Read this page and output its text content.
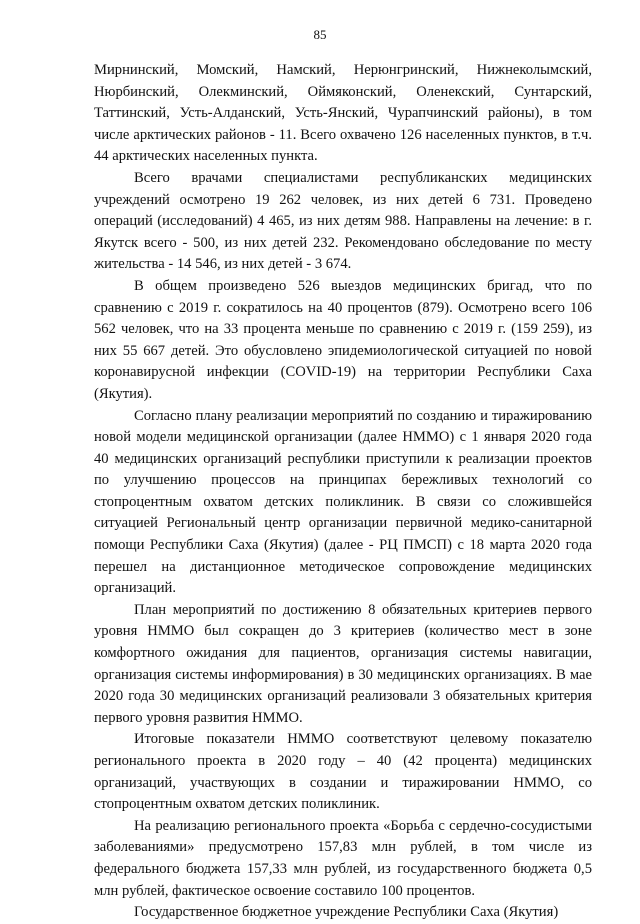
85

Мирнинский, Момский, Намский, Нерюнгринский, Нижнеколымский, Нюрбинский, Олекминский, Оймяконский, Оленекский, Сунтарский, Таттинский, Усть-Алданский, Усть-Янский, Чурапчинский районы), в том числе арктических районов - 11. Всего охвачено 126 населенных пунктов, в т.ч. 44 арктических населенных пункта.

Всего врачами специалистами республиканских медицинских учреждений осмотрено 19 262 человек, из них детей 6 731. Проведено операций (исследований) 4 465, из них детям 988. Направлены на лечение: в г. Якутск всего - 500, из них детей 232. Рекомендовано обследование по месту жительства - 14 546, из них детей - 3 674.

В общем произведено 526 выездов медицинских бригад, что по сравнению с 2019 г. сократилось на 40 процентов (879). Осмотрено всего 106 562 человек, что на 33 процента меньше по сравнению с 2019 г. (159 259), из них 55 667 детей. Это обусловлено эпидемиологической ситуацией по новой коронавирусной инфекции (COVID-19) на территории Республики Саха (Якутия).

Согласно плану реализации мероприятий по созданию и тиражированию новой модели медицинской организации (далее НММО) с 1 января 2020 года 40 медицинских организаций республики приступили к реализации проектов по улучшению процессов на принципах бережливых технологий со стопроцентным охватом детских поликлиник. В связи со сложившейся ситуацией Региональный центр организации первичной медико-санитарной помощи Республики Саха (Якутия) (далее - РЦ ПМСП) с 18 марта 2020 года перешел на дистанционное методическое сопровождение медицинских организаций.

План мероприятий по достижению 8 обязательных критериев первого уровня НММО был сокращен до 3 критериев (количество мест в зоне комфортного ожидания для пациентов, организация системы навигации, организация системы информирования) в 30 медицинских организациях. В мае 2020 года 30 медицинских организаций реализовали 3 обязательных критерия первого уровня развития НММО.

Итоговые показатели НММО соответствуют целевому показателю регионального проекта в 2020 году – 40 (42 процента) медицинских организаций, участвующих в создании и тиражировании НММО, со стопроцентным охватом детских поликлиник.

На реализацию регионального проекта «Борьба с сердечно-сосудистыми заболеваниями» предусмотрено 157,83 млн рублей, в том числе из федерального бюджета 157,33 млн рублей, из государственного бюджета 0,5 млн рублей, фактическое освоение составило 100 процентов.

Государственное бюджетное учреждение Республики Саха (Якутия)
